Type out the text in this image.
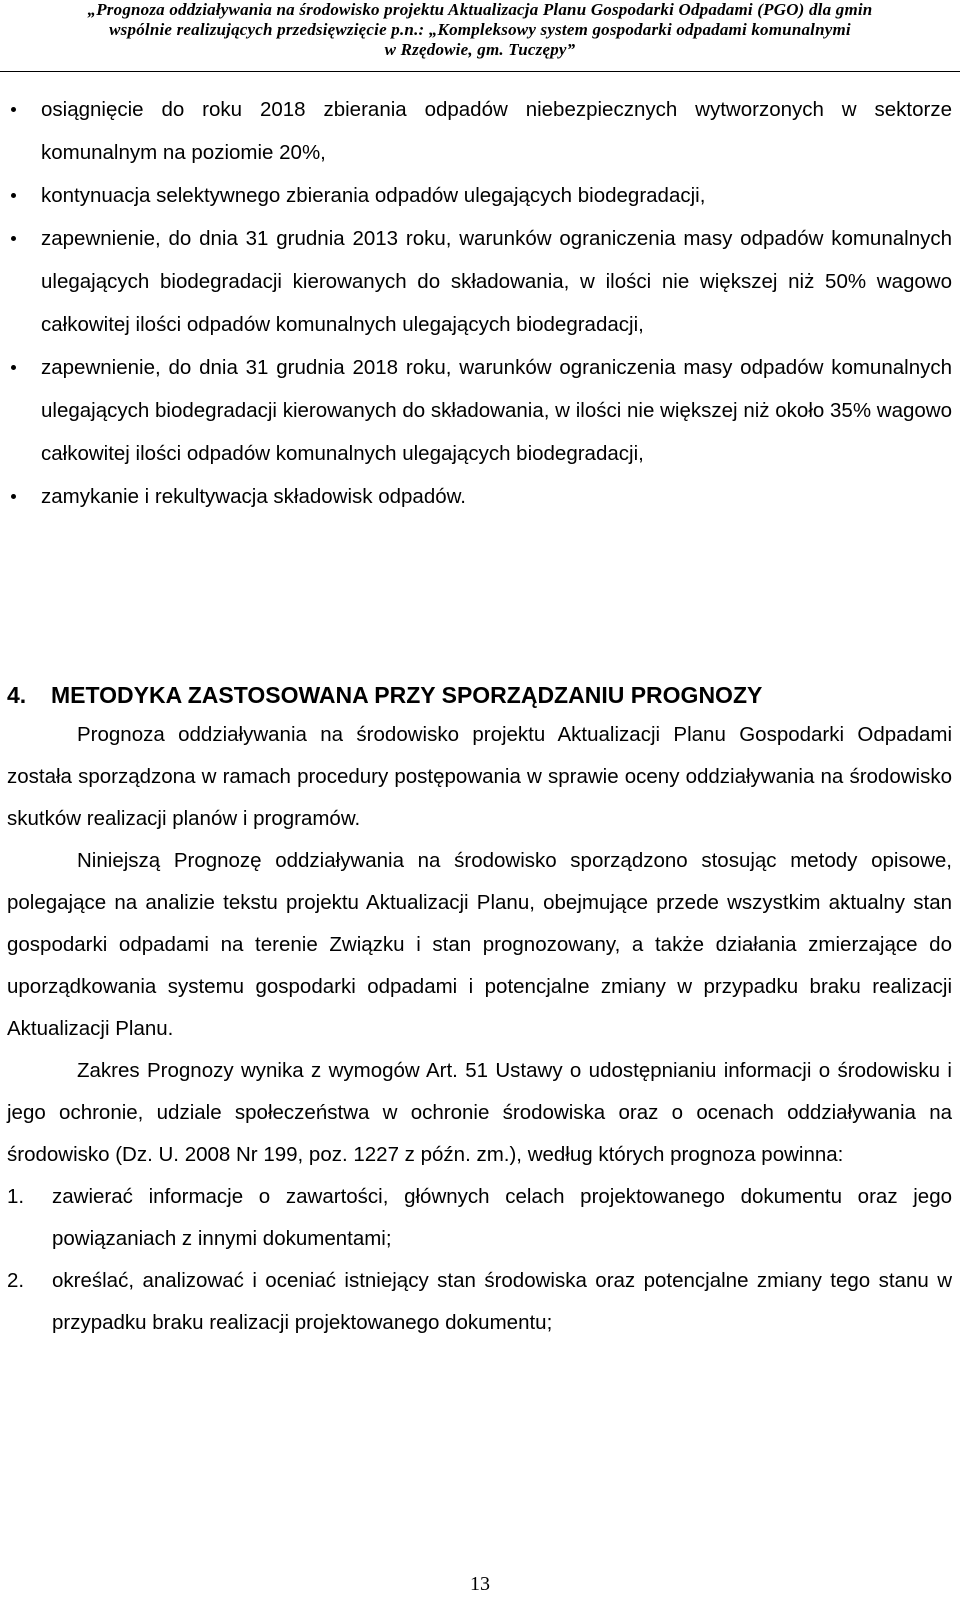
„Prognoza oddziaływania na środowisko projektu Aktualizacja Planu Gospodarki Odpadami (PGO) dla gmin
wspólnie realizujących przedsięwzięcie p.n.: „Kompleksowy system gospodarki odpadami komunalnymi
w Rzędowie, gm. Tuczępy”
osiągnięcie do roku 2018 zbierania odpadów niebezpiecznych wytworzonych w sektorze komunalnym na poziomie 20%,
kontynuacja selektywnego zbierania odpadów ulegających biodegradacji,
zapewnienie, do dnia 31 grudnia 2013 roku, warunków ograniczenia masy odpadów komunalnych ulegających biodegradacji kierowanych do składowania, w ilości nie większej niż 50% wagowo całkowitej ilości odpadów komunalnych ulegających biodegradacji,
zapewnienie, do dnia 31 grudnia 2018 roku, warunków ograniczenia masy odpadów komunalnych ulegających biodegradacji kierowanych do składowania, w ilości nie większej niż około 35% wagowo całkowitej ilości odpadów komunalnych ulegających biodegradacji,
zamykanie i rekultywacja składowisk odpadów.
4. METODYKA ZASTOSOWANA PRZY SPORZĄDZANIU PROGNOZY

Prognoza oddziaływania na środowisko projektu Aktualizacji Planu Gospodarki Odpadami została sporządzona w ramach procedury postępowania w sprawie oceny oddziaływania na środowisko skutków realizacji planów i programów.

Niniejszą Prognozę oddziaływania na środowisko sporządzono stosując metody opisowe, polegające na analizie tekstu projektu Aktualizacji Planu, obejmujące przede wszystkim aktualny stan gospodarki odpadami na terenie Związku i stan prognozowany, a także działania zmierzające do uporządkowania systemu gospodarki odpadami i potencjalne zmiany w przypadku braku realizacji Aktualizacji Planu.

Zakres Prognozy wynika z wymogów Art. 51 Ustawy o udostępnianiu informacji o środowisku i jego ochronie, udziale społeczeństwa w ochronie środowiska oraz o ocenach oddziaływania na środowisko (Dz. U. 2008 Nr 199, poz. 1227 z późn. zm.), według których prognoza powinna:

1. zawierać informacje o zawartości, głównych celach projektowanego dokumentu oraz jego powiązaniach z innymi dokumentami;
2. określać, analizować i oceniać istniejący stan środowiska oraz potencjalne zmiany tego stanu w przypadku braku realizacji projektowanego dokumentu;
13
